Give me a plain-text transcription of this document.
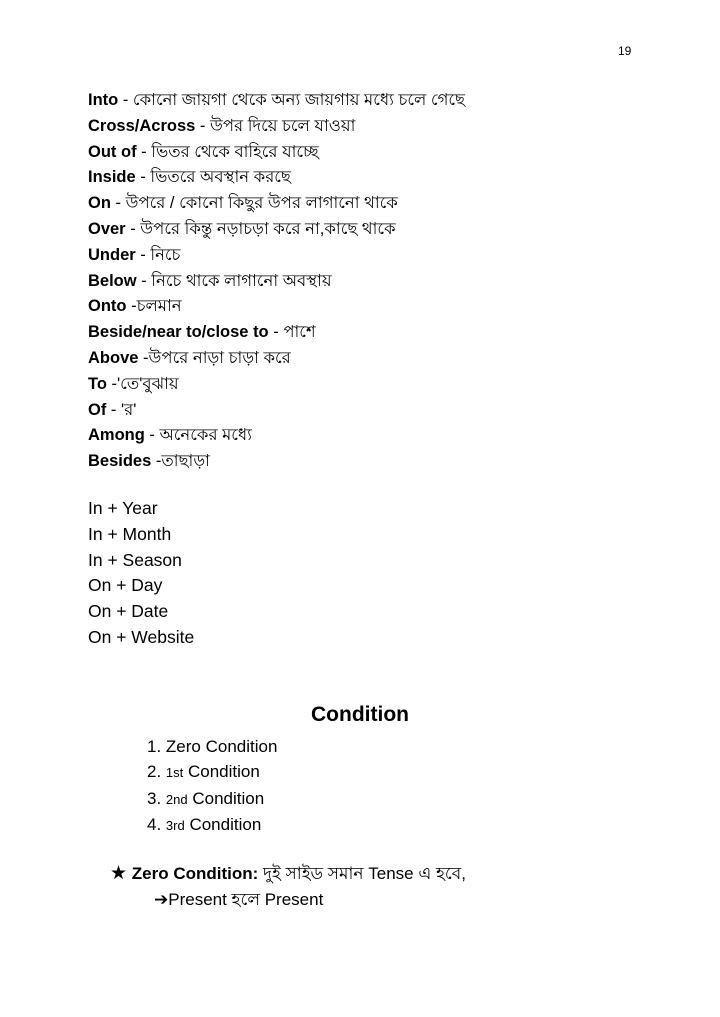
19
Into - কোনো জায়গা থেকে অন্য জায়গায় মধ্যে চলে গেছে
Cross/Across - উপর দিয়ে চলে যাওয়া
Out of - ভিতর থেকে বাহিরে যাচ্ছে
Inside - ভিতরে অবস্থান করছে
On - উপরে / কোনো কিছুর উপর লাগানো থাকে
Over - উপরে কিন্তু নড়াচড়া করে না,কাছে থাকে
Under - নিচে
Below - নিচে থাকে লাগানো অবস্থায়
Onto -চলমান
Beside/near to/close to - পাশে
Above -উপরে নাড়া চাড়া করে
To -'তে'বুঝায়
Of - 'র'
Among - অনেকের মধ্যে
Besides -তাছাড়া
In + Year
In + Month
In + Season
On + Day
On + Date
On + Website
Condition
1. Zero Condition
2. 1st Condition
3. 2nd Condition
4. 3rd Condition
★ Zero Condition: দুই সাইড সমান Tense এ হবে,
➔Present হলে Present
